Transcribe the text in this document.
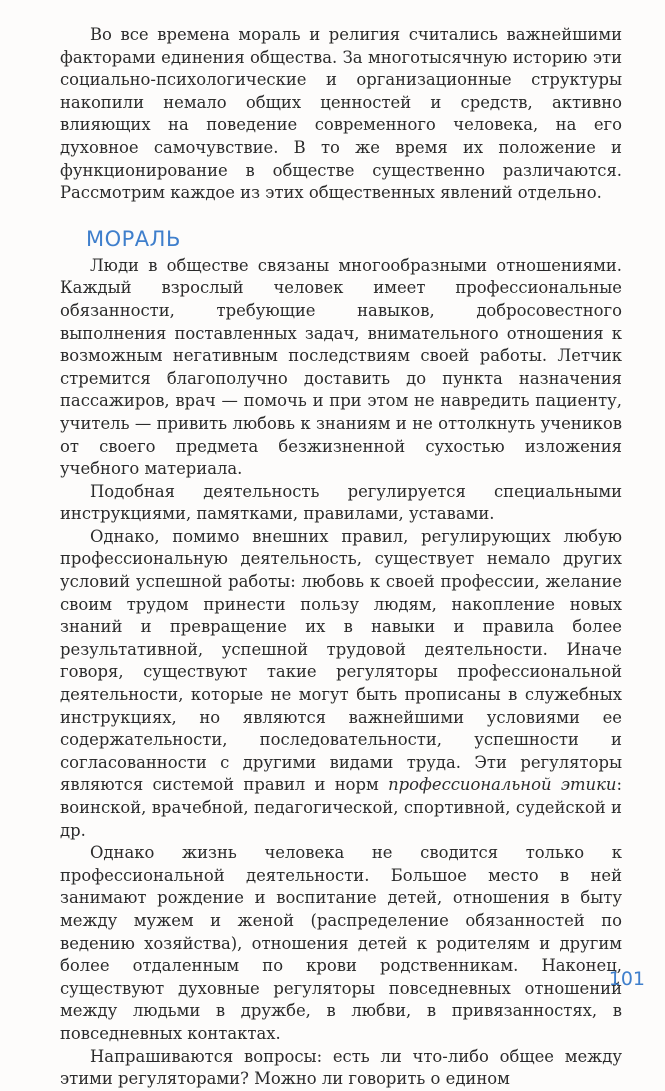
Во все времена мораль и религия считались важнейшими факторами единения общества. За многотысячную историю эти социально-психологические и организационные структуры накопили немало общих ценностей и средств, активно влияющих на поведение современного человека, на его духовное самочувствие. В то же время их положение и функционирование в обществе существенно различаются. Рассмотрим каждое из этих общественных явлений отдельно.

МОРАЛЬ

Люди в обществе связаны многообразными отношениями. Каждый взрослый человек имеет профессиональные обязанности, требующие навыков, добросовестного выполнения поставленных задач, внимательного отношения к возможным негативным последствиям своей работы. Летчик стремится благополучно доставить до пункта назначения пассажиров, врач — помочь и при этом не навредить пациенту, учитель — привить любовь к знаниям и не оттолкнуть учеников от своего предмета безжизненной сухостью изложения учебного материала.

Подобная деятельность регулируется специальными инструкциями, памятками, правилами, уставами.

Однако, помимо внешних правил, регулирующих любую профессиональную деятельность, существует немало других условий успешной работы: любовь к своей профессии, желание своим трудом принести пользу людям, накопление новых знаний и превращение их в навыки и правила более результативной, успешной трудовой деятельности. Иначе говоря, существуют такие регуляторы профессиональной деятельности, которые не могут быть прописаны в служебных инструкциях, но являются важнейшими условиями ее содержательности, последовательности, успешности и согласованности с другими видами труда. Эти регуляторы являются системой правил и норм профессиональной этики: воинской, врачебной, педагогической, спортивной, судейской и др.

Однако жизнь человека не сводится только к профессиональной деятельности. Большое место в ней занимают рождение и воспитание детей, отношения в быту между мужем и женой (распределение обязанностей по ведению хозяйства), отношения детей к родителям и другим более отдаленным по крови родственникам. Наконец, существуют духовные регуляторы повседневных отношений между людьми в дружбе, в любви, в привязанностях, в повседневных контактах.

Напрашиваются вопросы: есть ли что-либо общее между этими регуляторами? Можно ли говорить о едином

101
